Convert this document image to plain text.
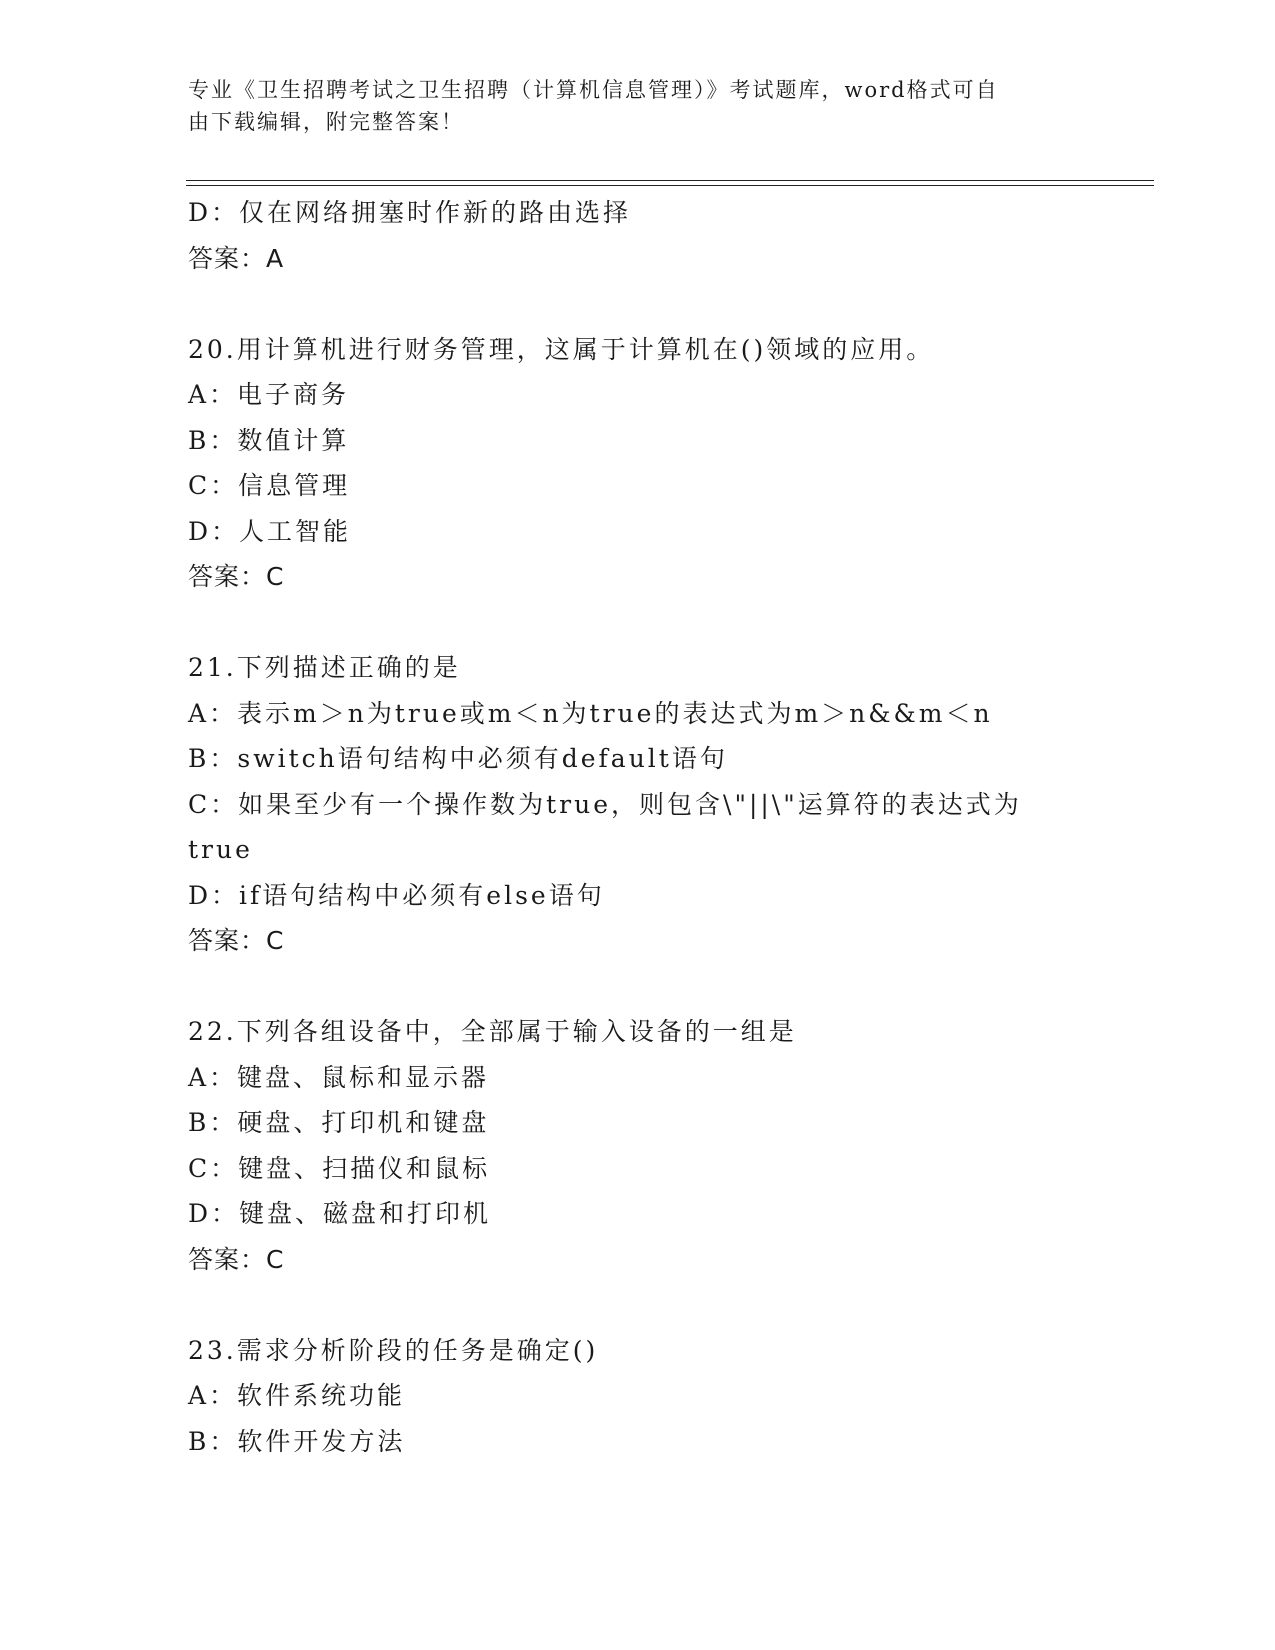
专业《卫生招聘考试之卫生招聘（计算机信息管理）》考试题库，word格式可自
由下载编辑，附完整答案！
D：仅在网络拥塞时作新的路由选择
答案：A
20.用计算机进行财务管理，这属于计算机在()领域的应用。
A：电子商务
B：数值计算
C：信息管理
D：人工智能
答案：C
21.下列描述正确的是
A：表示m＞n为true或m＜n为true的表达式为m＞n&&m＜n
B：switch语句结构中必须有default语句
C：如果至少有一个操作数为true，则包含\"||\"运算符的表达式为
true
D：if语句结构中必须有else语句
答案：C
22.下列各组设备中，全部属于输入设备的一组是
A：键盘、鼠标和显示器
B：硬盘、打印机和键盘
C：键盘、扫描仪和鼠标
D：键盘、磁盘和打印机
答案：C
23.需求分析阶段的任务是确定()
A：软件系统功能
B：软件开发方法
